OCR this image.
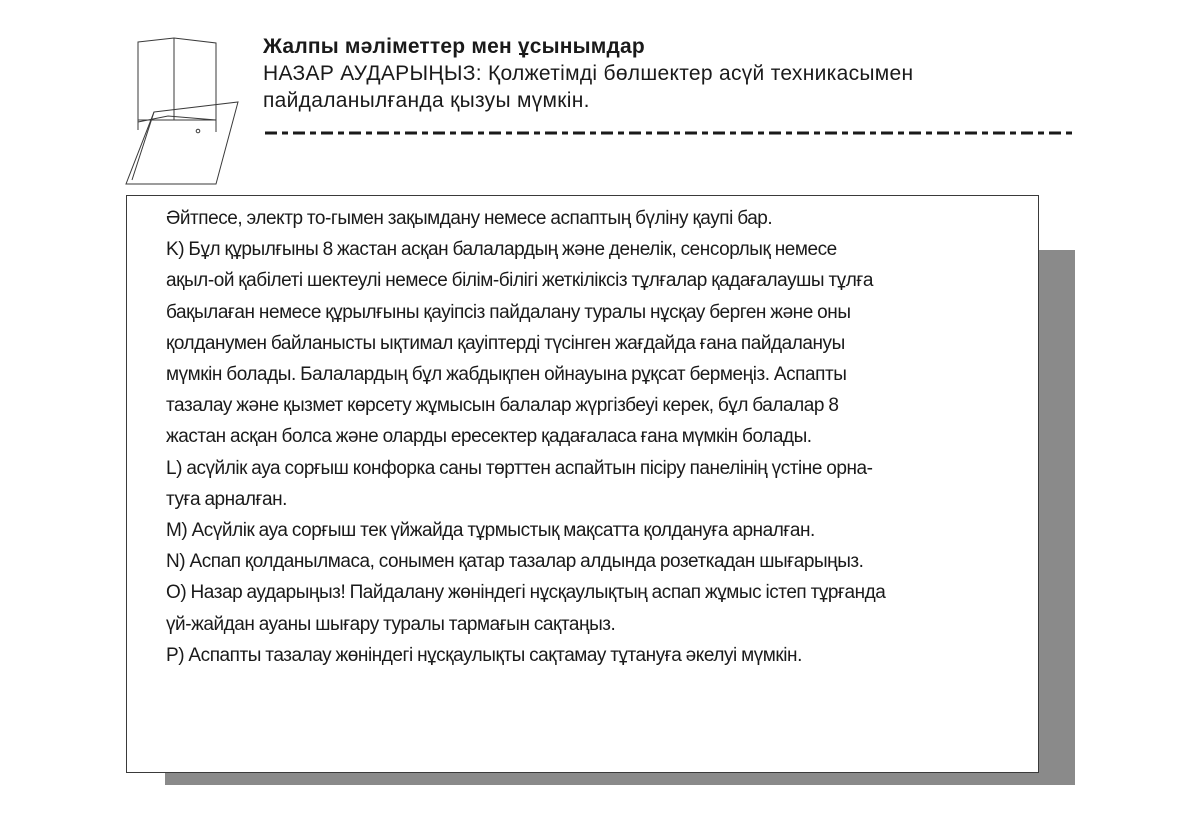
Жалпы мәліметтер мен ұсынымдар
НАЗАР АУДАРЫҢЫЗ: Қолжетімді бөлшектер асүй техникасымен
пайдаланылғанда қызуы мүмкін.

Әйтпесе, электр то-гымен зақымдану немесе аспаптың бүліну қаупі бар.

K) Бұл құрылғыны 8 жастан асқан балалардың және денелік, сенсорлық немесе

ақыл-ой қабілеті шектеулі немесе білім-білігі жеткіліксіз тұлғалар қадағалаушы тұлға

бақылаған немесе құрылғыны қауіпсіз пайдалану туралы нұсқау берген және оны

қолданумен байланысты ықтимал қауіптерді түсінген жағдайда ғана пайдалануы

мүмкін болады. Балалардың бұл жабдықпен ойнауына рұқсат бермеңіз. Аспапты

тазалау және қызмет көрсету жұмысын балалар жүргізбеуі керек, бұл балалар 8

жастан асқан болса және оларды ересектер қадағаласа ғана мүмкін болады.

L) асүйлік ауа сорғыш конфорка саны төрттен аспайтын пісіру панелінің үстіне орна-

туға арналған.

M) Асүйлік ауа сорғыш тек үйжайда тұрмыстық мақсатта қолдануға арналған.

N) Аспап қолданылмаса, сонымен қатар тазалар алдында розеткадан шығарыңыз.

O) Назар аударыңыз! Пайдалану жөніндегі нұсқаулықтың аспап жұмыс істеп тұрғанда

үй-жайдан ауаны шығару туралы тармағын сақтаңыз.

P) Аспапты тазалау жөніндегі нұсқаулықты сақтамау тұтануға әкелуі мүмкін.
